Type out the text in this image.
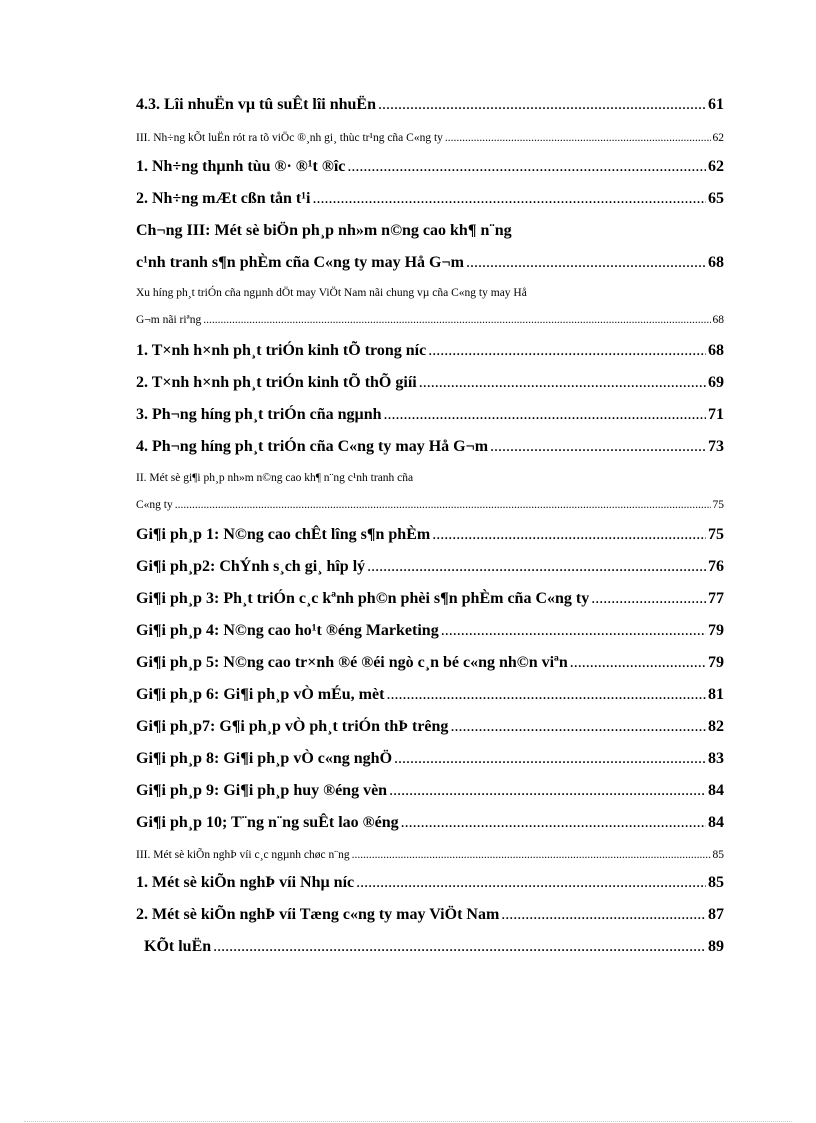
4.3. Lîi nhuËn vµ tû suÊt lîi nhuËn .....	61
III. Nh÷ng kÕt luËn rót ra tõ viÖc ®¸nh gi¸ thùc tr¹ng cña C«ng ty .....	62
1. Nh÷ng thµnh tùu ®· ®¹t ®îc .....	62
2. Nh÷ng mÆt cßn tån t¹i .....	65
Ch¬ng III: Mét sè biÖn ph¸p nh»m n©ng cao kh¶ n¨ng
c¹nh tranh s¶n phÈm cña C«ng ty may Hå G¬m .....	68
Xu híng ph¸t triÓn cña ngµnh dÖt may ViÖt Nam nãi chung vµ cña C«ng ty may Hå
G¬m nãi riªng .....	68
1. T×nh h×nh ph¸t triÓn kinh tÕ trong níc .....	68
2. T×nh h×nh ph¸t triÓn kinh tÕ thÕ giíi .....	69
3. Ph¬ng híng ph¸t triÓn cña ngµnh .....	71
4. Ph¬ng híng ph¸t triÓn cña C«ng ty may Hå G¬m .....	73
II. Mét sè gi¶i ph¸p nh»m n©ng cao kh¶ n¨ng c¹nh tranh cña
C«ng ty .....	75
Gi¶i ph¸p 1: N©ng cao chÊt lîng s¶n phÈm .....	75
Gi¶i ph¸p2: ChÝnh s¸ch gi¸ hîp lý .....	76
Gi¶i ph¸p 3: Ph¸t triÓn c¸c kªnh ph©n phèi s¶n phÈm cña C«ng ty .....	77
Gi¶i ph¸p 4: N©ng cao ho¹t ®éng Marketing .....	79
Gi¶i ph¸p 5: N©ng cao tr×nh ®é ®éi ngò c¸n bé c«ng nh©n viªn .....	79
Gi¶i ph¸p 6: Gi¶i ph¸p vÒ mÉu, mèt .....	81
Gi¶i ph¸p7: G¶i ph¸p vÒ ph¸t triÓn thÞ trêng .....	82
Gi¶i ph¸p 8: Gi¶i ph¸p vÒ c«ng nghÖ .....	83
Gi¶i ph¸p 9: Gi¶i ph¸p huy ®éng vèn .....	84
Gi¶i ph¸p 10; T¨ng n¨ng suÊt lao ®éng .....	84
III. Mét sè kiÕn nghÞ víi c¸c ngµnh chøc n¨ng .....	85
1. Mét sè kiÕn nghÞ víi Nhµ níc .....	85
2. Mét sè kiÕn nghÞ víi Tæng c«ng ty may ViÖt Nam .....	87
KÕt luËn .....	89
